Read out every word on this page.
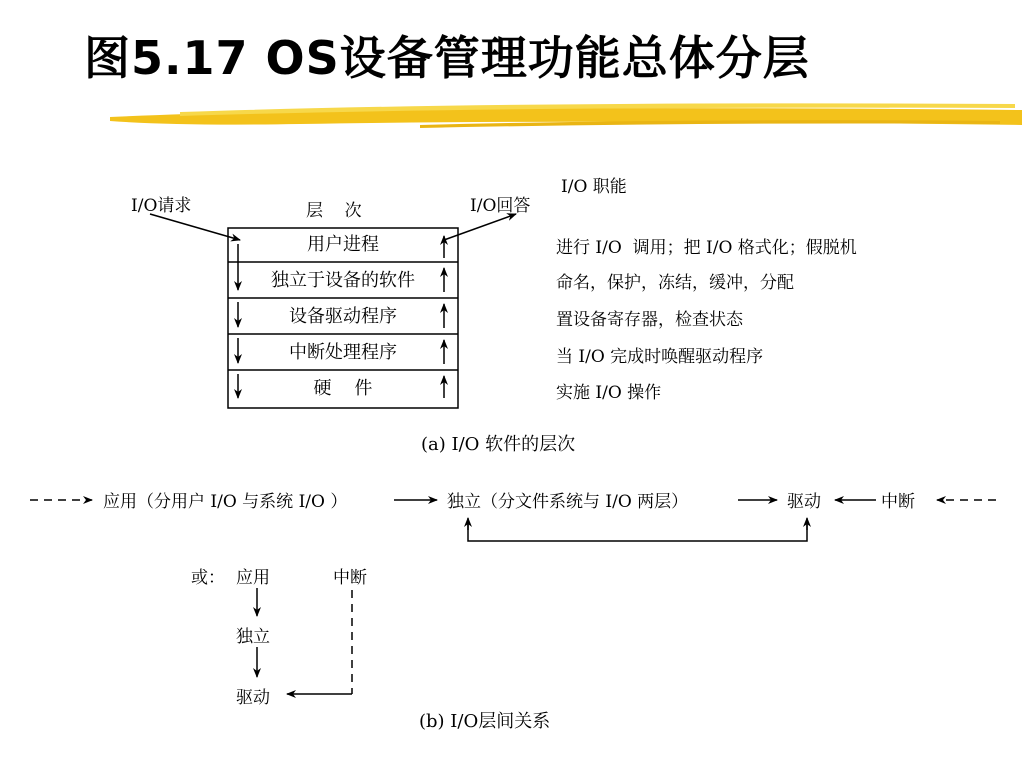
图5.17 OS设备管理功能总体分层
I/O请求	层    次	I/O回答
用户进程
独立于设备的软件
设备驱动程序
中断处理程序
硬    件
I/O 职能
进行 I/O  调用；把 I/O 格式化；假脱机
命名，保护，冻结，缓冲，分配
置设备寄存器，检查状态
当 I/O 完成时唤醒驱动程序
实施 I/O 操作
(a) I/O 软件的层次
应用（分用户 I/O 与系统 I/O ）	独立（分文件系统与 I/O 两层）	驱动	中断
或： 应用	中断
独立
驱动
(b) I/O层间关系
